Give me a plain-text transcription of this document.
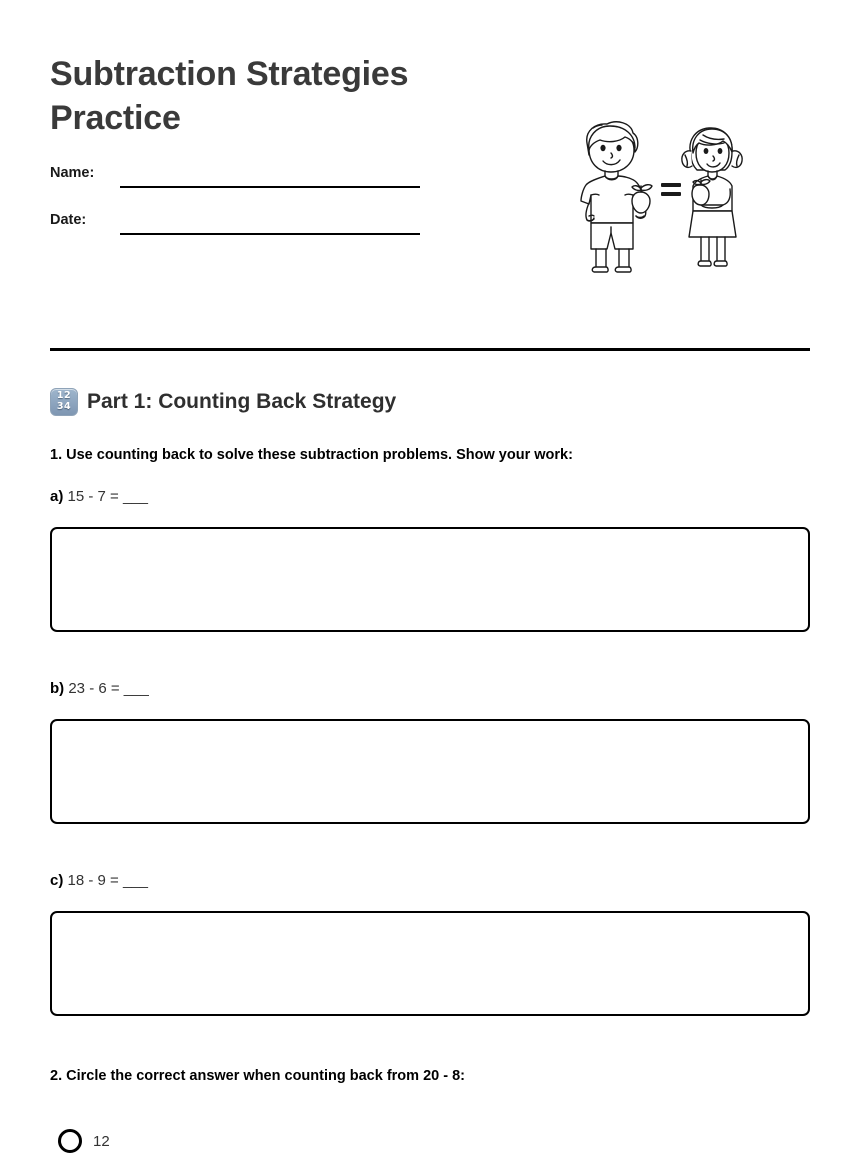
Subtraction Strategies Practice
Name:
Date:
12
34 Part 1: Counting Back Strategy
1. Use counting back to solve these subtraction problems. Show your work:
a) 15 - 7 = ___
b) 23 - 6 = ___
c) 18 - 9 = ___
2. Circle the correct answer when counting back from 20 - 8:
12
